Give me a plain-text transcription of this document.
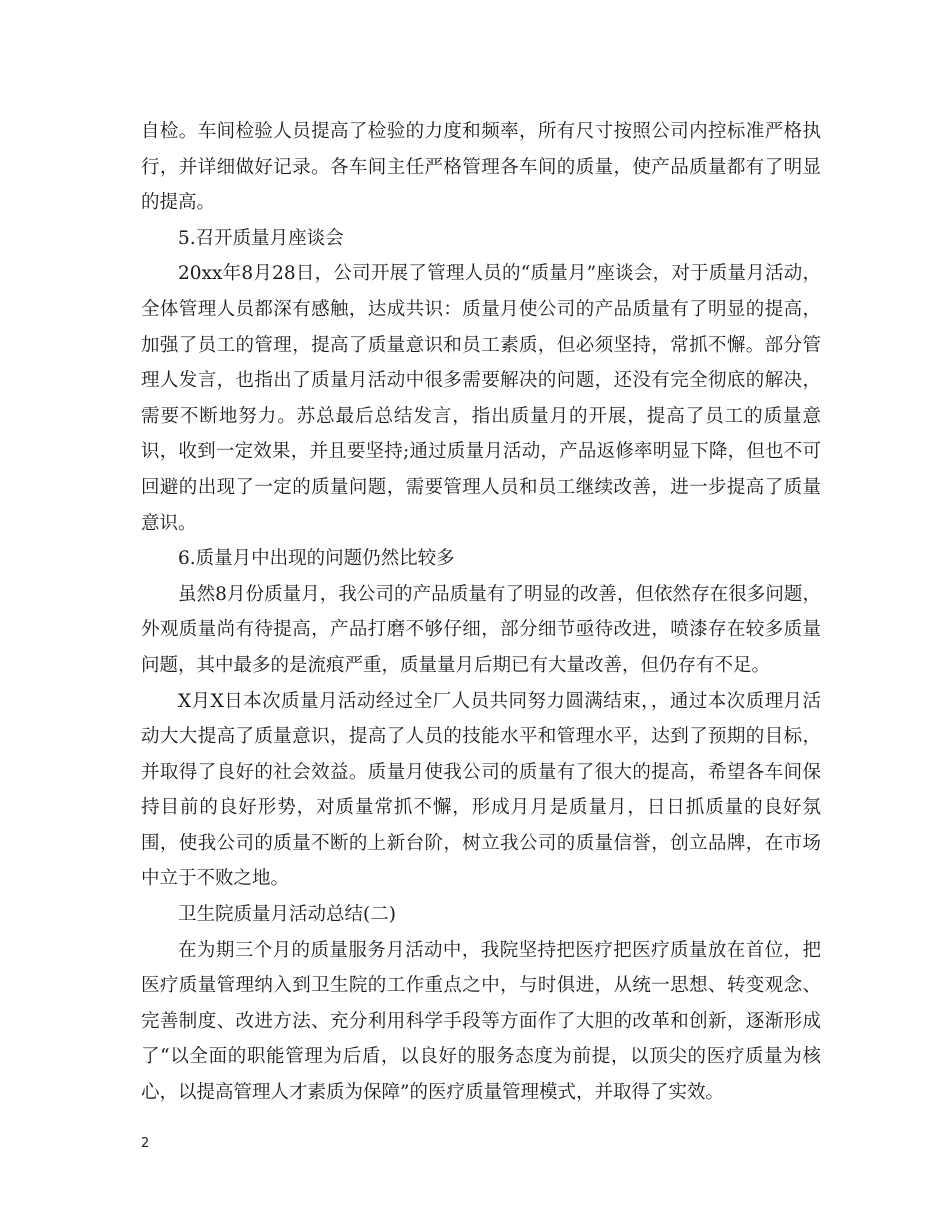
自检。车间检验人员提高了检验的力度和频率，所有尺寸按照公司内控标准严格执行，并详细做好记录。各车间主任严格管理各车间的质量，使产品质量都有了明显的提高。

5.召开质量月座谈会

20xx年8月28日，公司开展了管理人员的“质量月”座谈会，对于质量月活动，全体管理人员都深有感触，达成共识：质量月使公司的产品质量有了明显的提高，加强了员工的管理，提高了质量意识和员工素质，但必须坚持，常抓不懈。部分管理人发言，也指出了质量月活动中很多需要解决的问题，还没有完全彻底的解决，需要不断地努力。苏总最后总结发言，指出质量月的开展，提高了员工的质量意识，收到一定效果，并且要坚持;通过质量月活动，产品返修率明显下降，但也不可回避的出现了一定的质量问题，需要管理人员和员工继续改善，进一步提高了质量意识。

6.质量月中出现的问题仍然比较多

虽然8月份质量月，我公司的产品质量有了明显的改善，但依然存在很多问题，外观质量尚有待提高，产品打磨不够仔细，部分细节亟待改进，喷漆存在较多质量问题，其中最多的是流痕严重，质量量月后期已有大量改善，但仍存有不足。

X月X日本次质量月活动经过全厂人员共同努力圆满结束，，通过本次质理月活动大大提高了质量意识，提高了人员的技能水平和管理水平，达到了预期的目标，并取得了良好的社会效益。质量月使我公司的质量有了很大的提高，希望各车间保持目前的良好形势，对质量常抓不懈，形成月月是质量月，日日抓质量的良好氛围，使我公司的质量不断的上新台阶，树立我公司的质量信誉，创立品牌，在市场中立于不败之地。

卫生院质量月活动总结(二)

在为期三个月的质量服务月活动中，我院坚持把医疗把医疗质量放在首位，把医疗质量管理纳入到卫生院的工作重点之中，与时俱进，从统一思想、转变观念、完善制度、改进方法、充分利用科学手段等方面作了大胆的改革和创新，逐渐形成了“以全面的职能管理为后盾，以良好的服务态度为前提，以顶尖的医疗质量为核心，以提高管理人才素质为保障”的医疗质量管理模式，并取得了实效。

2
